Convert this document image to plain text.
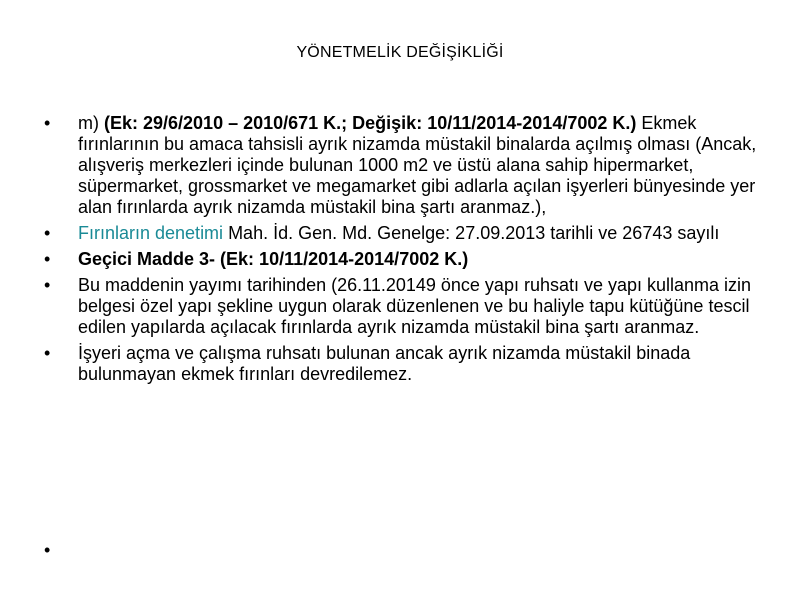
YÖNETMELİK DEĞİŞİKLİĞİ
• m) (Ek: 29/6/2010 – 2010/671 K.; Değişik: 10/11/2014-2014/7002 K.) Ekmek fırınlarının bu amaca tahsisli ayrık nizamda müstakil binalarda açılmış olması (Ancak, alışveriş merkezleri içinde bulunan 1000 m2 ve üstü alana sahip hipermarket, süpermarket, grossmarket ve megamarket gibi adlarla açılan işyerleri bünyesinde yer alan fırınlarda ayrık nizamda müstakil bina şartı aranmaz.),
• Fırınların denetimi Mah. İd. Gen. Md. Genelge: 27.09.2013 tarihli ve 26743 sayılı
• Geçici Madde 3- (Ek: 10/11/2014-2014/7002 K.)
• Bu maddenin yayımı tarihinden (26.11.20149 önce yapı ruhsatı ve yapı kullanma izin belgesi özel yapı şekline uygun olarak düzenlenen ve bu haliyle tapu kütüğüne tescil edilen yapılarda açılacak fırınlarda ayrık nizamda müstakil bina şartı aranmaz.
• İşyeri açma ve çalışma ruhsatı bulunan ancak ayrık nizamda müstakil binada bulunmayan ekmek fırınları devredilemez.
•
